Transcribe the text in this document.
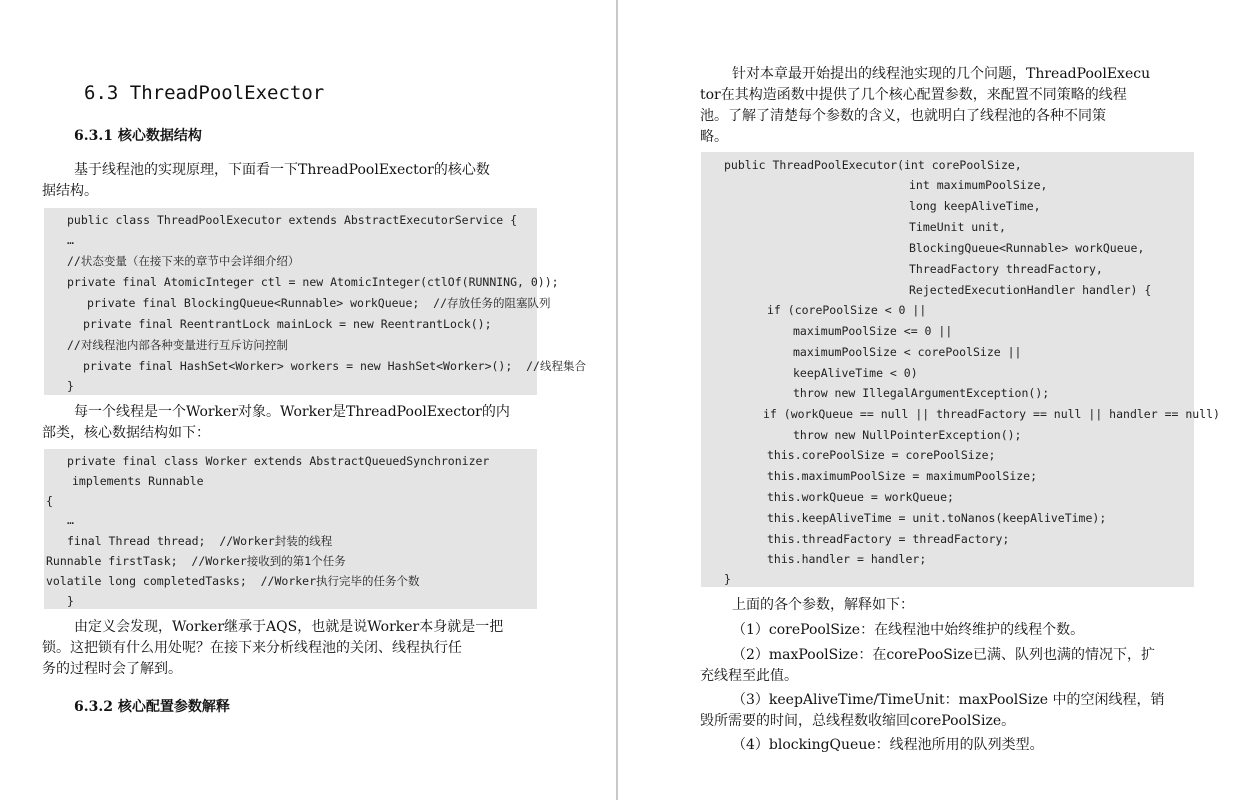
6.3 ThreadPoolExector
6.3.1 核心数据结构
基于线程池的实现原理，下面看一下ThreadPoolExector的核心数
据结构。
public class ThreadPoolExecutor extends AbstractExecutorService {
…
//状态变量（在接下来的章节中会详细介绍）
private final AtomicInteger ctl = new AtomicInteger(ctlOf(RUNNING, 0));
private final BlockingQueue<Runnable> workQueue;  //存放任务的阻塞队列
private final ReentrantLock mainLock = new ReentrantLock();
//对线程池内部各种变量进行互斥访问控制
private final HashSet<Worker> workers = new HashSet<Worker>();  //线程集合
}
每一个线程是一个Worker对象。Worker是ThreadPoolExector的内
部类，核心数据结构如下：
private final class Worker extends AbstractQueuedSynchronizer
implements Runnable
{
…
final Thread thread;  //Worker封装的线程
Runnable firstTask;  //Worker接收到的第1个任务
volatile long completedTasks;  //Worker执行完毕的任务个数
}
由定义会发现，Worker继承于AQS，也就是说Worker本身就是一把
锁。这把锁有什么用处呢？在接下来分析线程池的关闭、线程执行任
务的过程时会了解到。
6.3.2 核心配置参数解释
针对本章最开始提出的线程池实现的几个问题，ThreadPoolExecu
tor在其构造函数中提供了几个核心配置参数，来配置不同策略的线程
池。了解了清楚每个参数的含义，也就明白了线程池的各种不同策
略。
public ThreadPoolExecutor(int corePoolSize,
int maximumPoolSize,
long keepAliveTime,
TimeUnit unit,
BlockingQueue<Runnable> workQueue,
ThreadFactory threadFactory,
RejectedExecutionHandler handler) {
if (corePoolSize < 0 ||
maximumPoolSize <= 0 ||
maximumPoolSize < corePoolSize ||
keepAliveTime < 0)
throw new IllegalArgumentException();
if (workQueue == null || threadFactory == null || handler == null)
throw new NullPointerException();
this.corePoolSize = corePoolSize;
this.maximumPoolSize = maximumPoolSize;
this.workQueue = workQueue;
this.keepAliveTime = unit.toNanos(keepAliveTime);
this.threadFactory = threadFactory;
this.handler = handler;
}
上面的各个参数，解释如下：
（1）corePoolSize：在线程池中始终维护的线程个数。
（2）maxPoolSize：在corePooSize已满、队列也满的情况下，扩
充线程至此值。
（3）keepAliveTime/TimeUnit：maxPoolSize 中的空闲线程，销
毁所需要的时间，总线程数收缩回corePoolSize。
（4）blockingQueue：线程池所用的队列类型。
